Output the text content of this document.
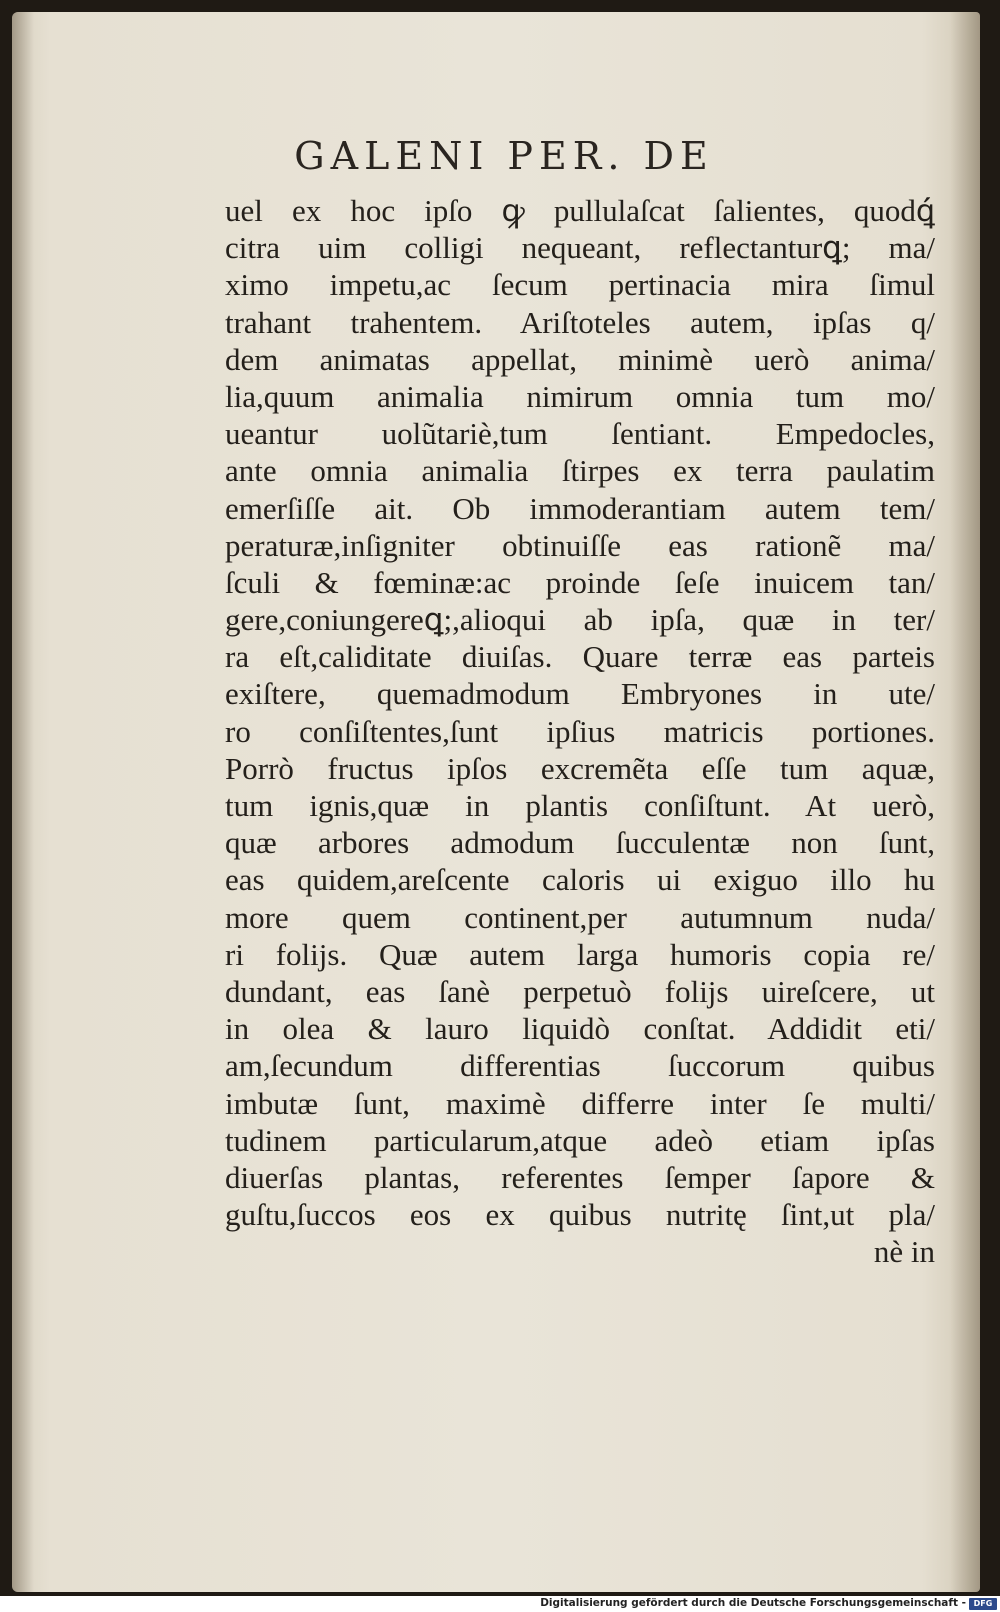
GALENI PER. DE
uel ex hoc ipſo ꝙ pullulaſcat ſalientes, quodꝗ́
citra uim colligi nequeant, reflectanturꝗ; ma/
ximo impetu,ac ſecum pertinacia mira ſimul
trahant trahentem. Ariſtoteles autem, ipſas q/
dem animatas appellat, minimè uerò anima/
lia,quum animalia nimirum omnia tum mo/
ueantur uolũtariè,tum ſentiant. Empedocles,
ante omnia animalia ſtirpes ex terra paulatim
emerſiſſe ait. Ob immoderantiam autem tem/
peraturæ,inſigniter obtinuiſſe eas rationẽ ma/
ſculi & fœminæ:ac proinde ſeſe inuicem tan/
gere,coniungereꝗ;,alioqui ab ipſa, quæ in ter/
ra eſt,caliditate diuiſas. Quare terræ eas parteis
exiſtere, quemadmodum Embryones in ute/
ro conſiſtentes,ſunt ipſius matricis portiones.
Porrò fructus ipſos excremẽta eſſe tum aquæ,
tum ignis,quæ in plantis conſiſtunt. At uerò,
quæ arbores admodum ſucculentæ non ſunt,
eas quidem,areſcente caloris ui exiguo illo hu
more quem continent,per autumnum nuda/
ri folijs. Quæ autem larga humoris copia re/
dundant, eas ſanè perpetuò folijs uireſcere, ut
in olea & lauro liquidò conſtat. Addidit eti/
am,ſecundum differentias ſuccorum quibus
imbutæ ſunt, maximè differre inter ſe multi/
tudinem particularum,atque adeò etiam ipſas
diuerſas plantas, referentes ſemper ſapore &
guſtu,ſuccos eos ex quibus nutritę ſint,ut pla/
nè in
Digitalisierung gefördert durch die Deutsche Forschungsgemeinschaft - DFG
